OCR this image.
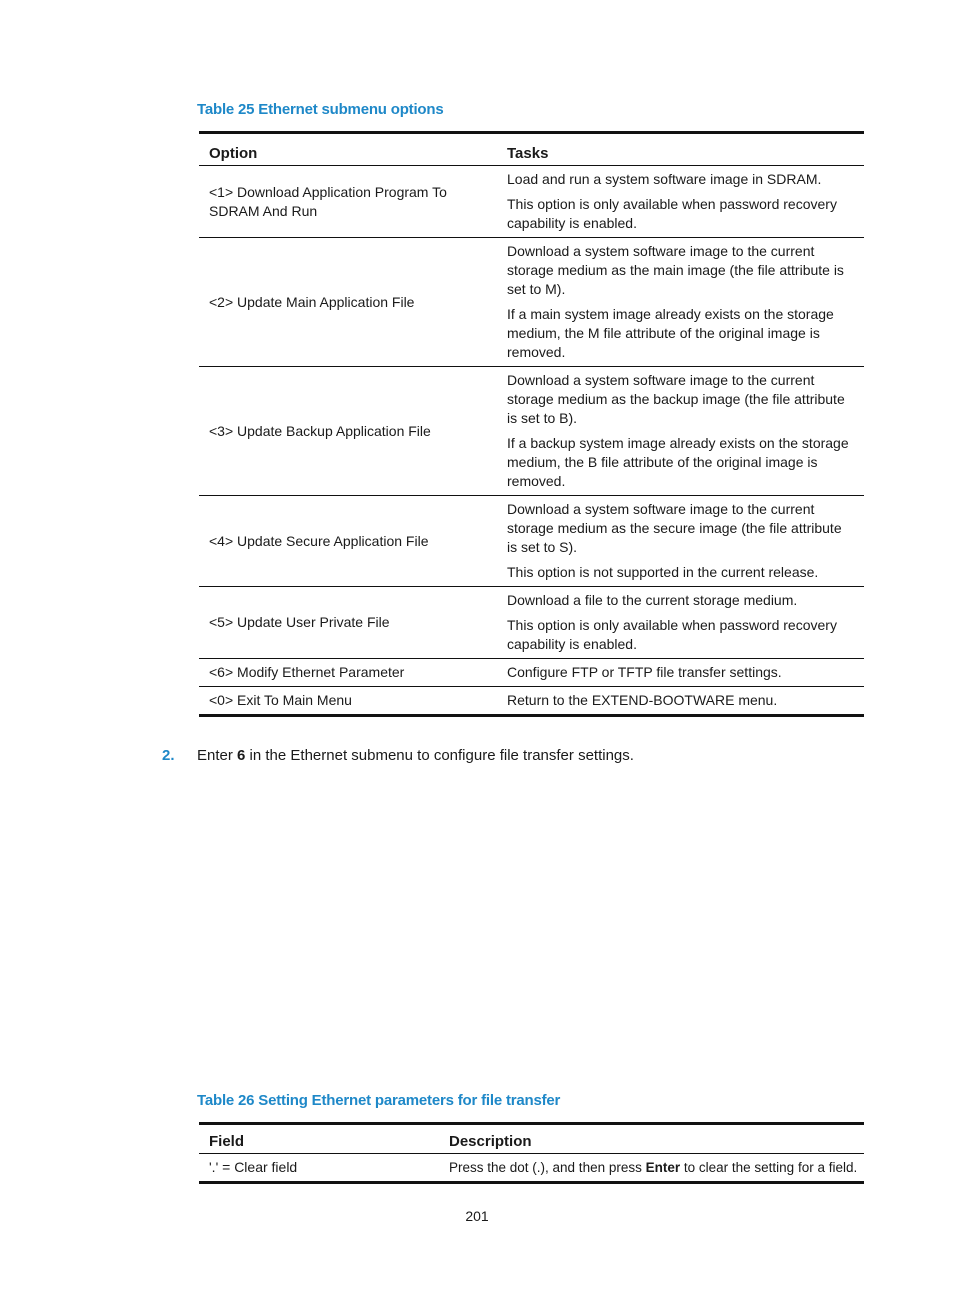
Table 25 Ethernet submenu options
Option	Tasks
<1> Download Application Program To SDRAM And Run	Load and run a system software image in SDRAM.

This option is only available when password recovery capability is enabled.

<2> Update Main Application File	Download a system software image to the current storage medium as the main image (the file attribute is set to M).

If a main system image already exists on the storage medium, the M file attribute of the original image is removed.

<3> Update Backup Application File	Download a system software image to the current storage medium as the backup image (the file attribute is set to B).

If a backup system image already exists on the storage medium, the B file attribute of the original image is removed.

<4> Update Secure Application File	Download a system software image to the current storage medium as the secure image (the file attribute is set to S).

This option is not supported in the current release.

<5> Update User Private File	Download a file to the current storage medium.

This option is only available when password recovery capability is enabled.

<6> Modify Ethernet Parameter	Configure FTP or TFTP file transfer settings.

<0> Exit To Main Menu	Return to the EXTEND-BOOTWARE menu.

2. Enter 6 in the Ethernet submenu to configure file transfer settings.
Table 26 Setting Ethernet parameters for file transfer
Field	Description
'.' = Clear field	Press the dot (.), and then press Enter to clear the setting for a field.
201
